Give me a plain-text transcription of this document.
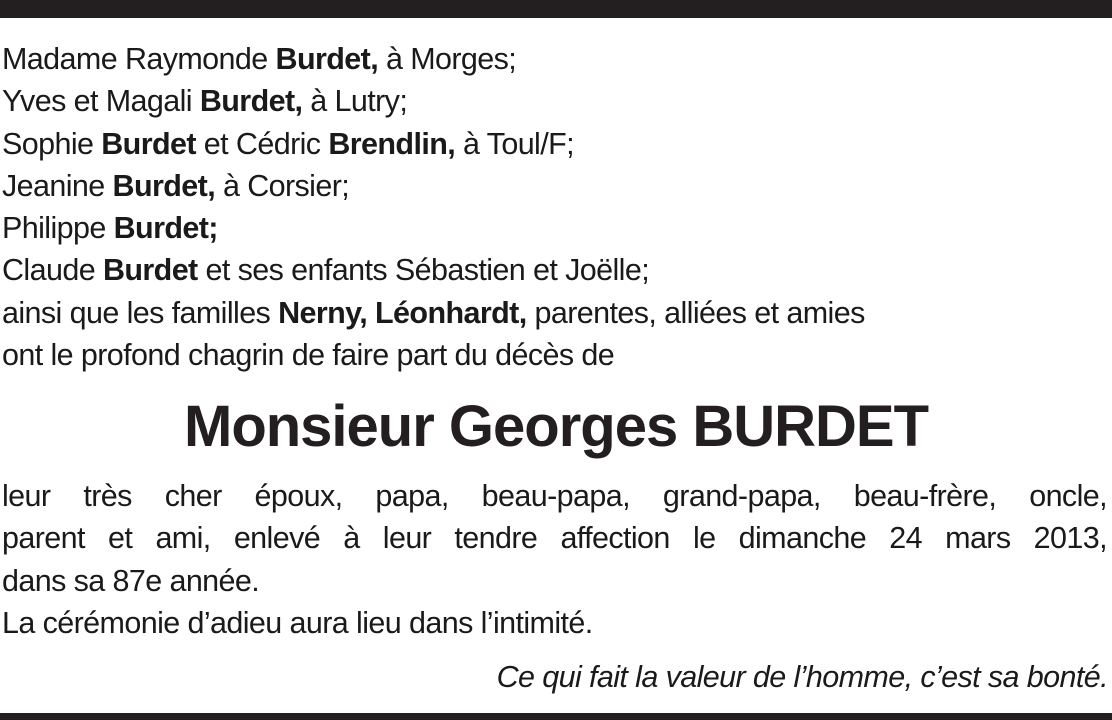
Madame Raymonde Burdet, à Morges;
Yves et Magali Burdet, à Lutry;
Sophie Burdet et Cédric Brendlin, à Toul/F;
Jeanine Burdet, à Corsier;
Philippe Burdet;
Claude Burdet et ses enfants Sébastien et Joëlle;
ainsi que les familles Nerny, Léonhardt, parentes, alliées et amies
ont le profond chagrin de faire part du décès de
Monsieur Georges BURDET
leur très cher époux, papa, beau-papa, grand-papa, beau-frère, oncle,
parent et ami, enlevé à leur tendre affection le dimanche 24 mars 2013,
dans sa 87e année.
La cérémonie d’adieu aura lieu dans l’intimité.
Ce qui fait la valeur de l’homme, c’est sa bonté.
